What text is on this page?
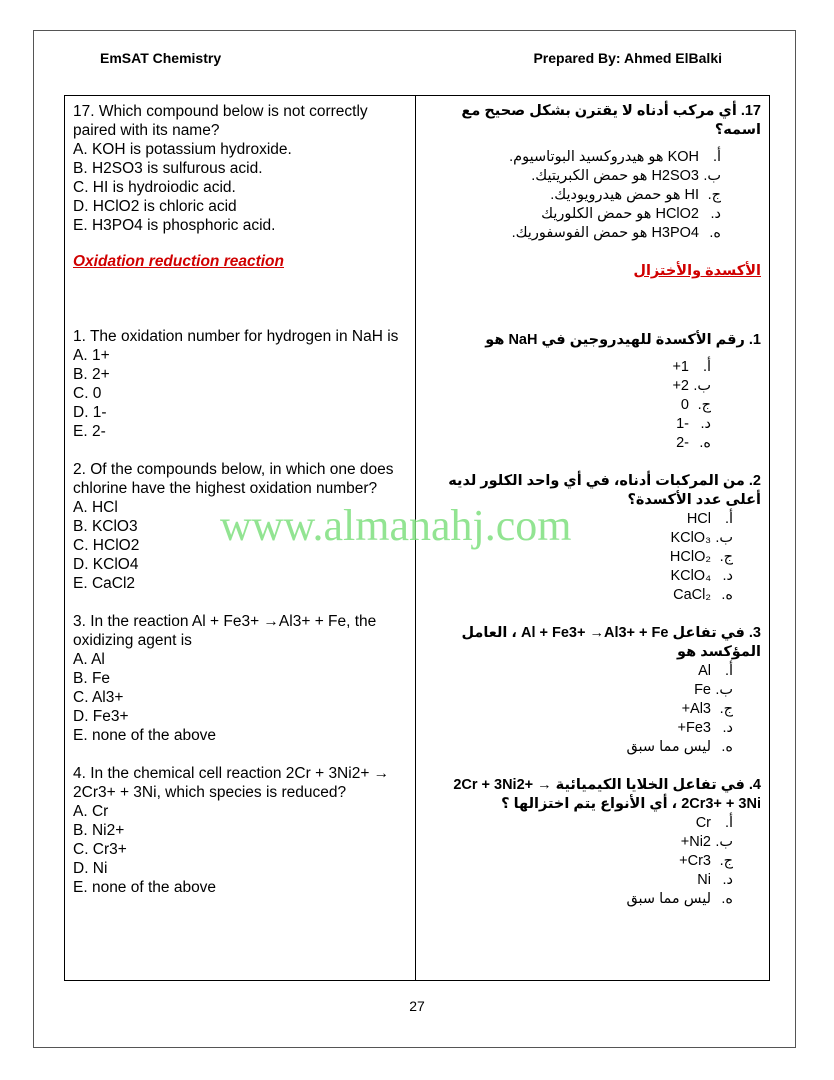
EmSAT Chemistry	Prepared By: Ahmed ElBalki
17. Which compound below is not correctly paired with its name?
A. KOH is potassium hydroxide.
B. H2SO3 is sulfurous acid.
C. HI is hydroiodic acid.
D. HClO2 is chloric acid
E. H3PO4 is phosphoric acid.
Oxidation reduction reaction
1. The oxidation number for hydrogen in NaH is
A. 1+
B. 2+
C. 0
D. 1-
E. 2-
2. Of the compounds below, in which one does chlorine have the highest oxidation number?
A. HCl
B. KClO3
C. HClO2
D. KClO4
E. CaCl2
3. In the reaction Al + Fe3+ →Al3+ + Fe, the oxidizing agent is
A. Al
B. Fe
C. Al3+
D. Fe3+
E. none of the above
4. In the chemical cell reaction 2Cr + 3Ni2+ → 2Cr3+ + 3Ni, which species is reduced?
A. Cr
B. Ni2+
C. Cr3+
D. Ni
E. none of the above
17. أي مركب أدناه لا يقترن بشكل صحيح مع اسمه؟
أ.KOH هو هيدروكسيد البوتاسيوم.
ب.H2SO3 هو حمض الكبريتيك.
ج.HI هو حمض هيدرويوديك.
د.HClO2 هو حمض الكلوريك
ه.H3PO4 هو حمض الفوسفوريك.
الأكسدة والأختزال
1. رقم الأكسدة للهيدروجين في NaH هو
أ.1+
ب.2+
ج.0
د.-1
ه.-2
2. من المركبات أدناه، في أي واحد الكلور لديه أعلى عدد الأكسدة؟
أ.HCl
ب.KClO₃
ج.HClO₂
د.KClO₄
ه.CaCl₂
3. في تفاعل Al + Fe3+ →Al3+ + Fe ، العامل المؤكسد هو
أ.Al
ب.Fe
ج.Al3+
د.Fe3+
ه.ليس مما سبق
4. في تفاعل الخلايا الكيميائية 2Cr + 3Ni2+ → 2Cr3+ + 3Ni ، أي الأنواع يتم اختزالها ؟
أ.Cr
ب.Ni2+
ج.Cr3+
د.Ni
ه.ليس مما سبق
www.almanahj.com
27
